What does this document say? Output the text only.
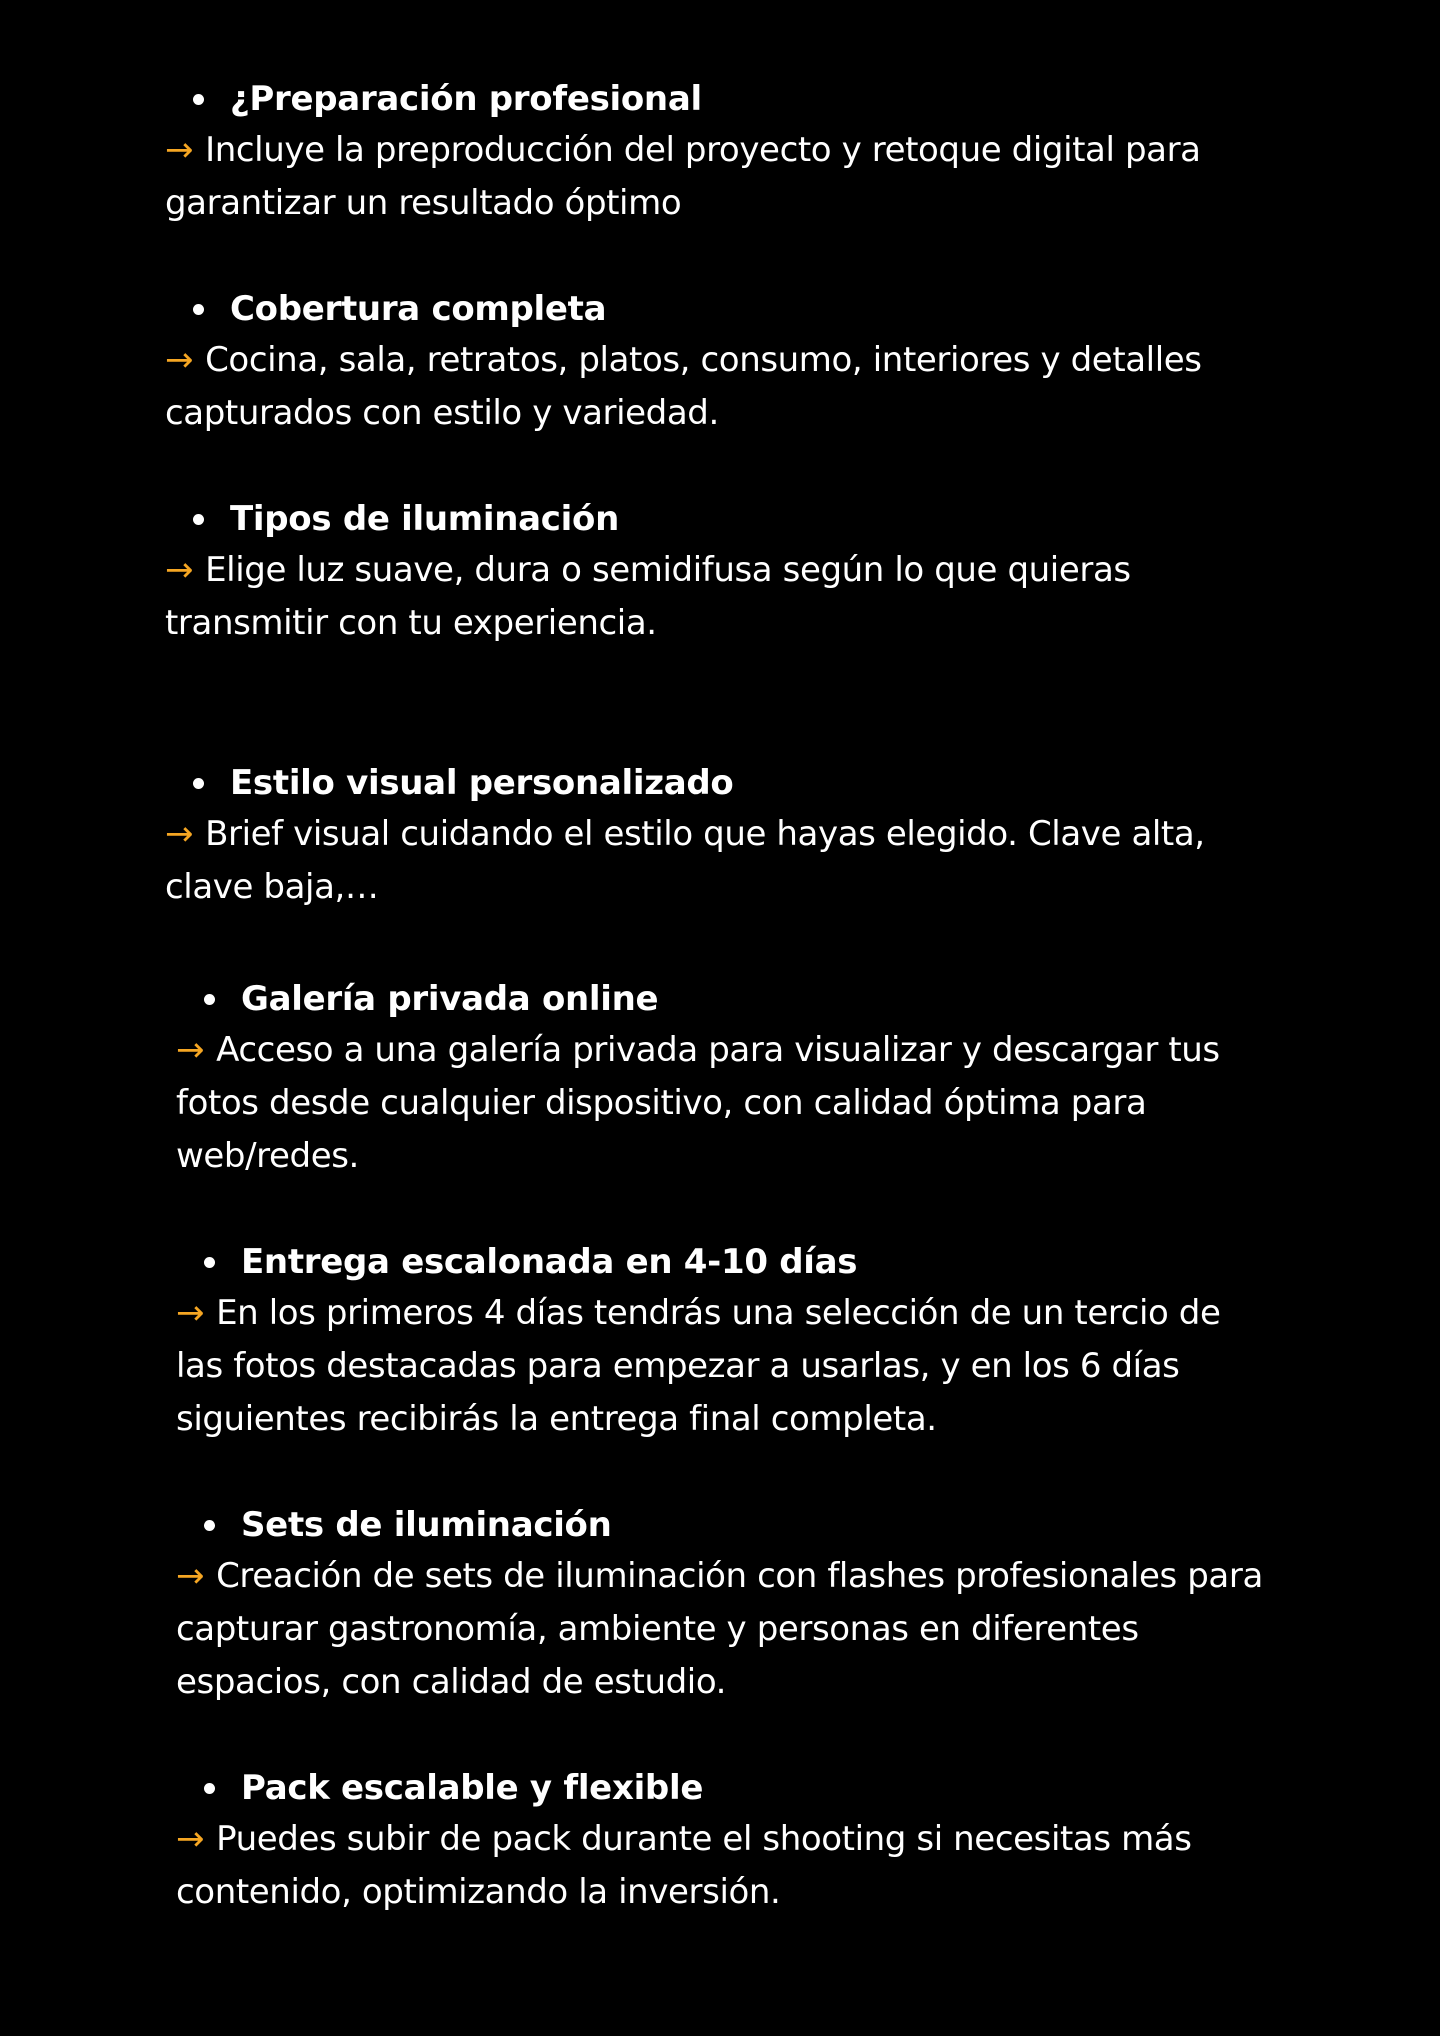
¿Preparación profesional
→ Incluye la preproducción del proyecto y retoque digital para garantizar un resultado óptimo
Cobertura completa
→ Cocina, sala, retratos, platos, consumo, interiores y detalles capturados con estilo y variedad.
Tipos de iluminación
→ Elige luz suave, dura o semidifusa según lo que quieras transmitir con tu experiencia.
Estilo visual personalizado
→ Brief visual cuidando el estilo que hayas elegido. Clave alta, clave baja,…
Galería privada online
→ Acceso a una galería privada para visualizar y descargar tus fotos desde cualquier dispositivo, con calidad óptima para web/redes.
Entrega escalonada en 4-10 días
→ En los primeros 4 días tendrás una selección de un tercio de las fotos destacadas para empezar a usarlas, y en los 6 días siguientes recibirás la entrega final completa.
Sets de iluminación
→ Creación de sets de iluminación con flashes profesionales para capturar gastronomía, ambiente y personas en diferentes espacios, con calidad de estudio.
Pack escalable y flexible
→ Puedes subir de pack durante el shooting si necesitas más contenido, optimizando la inversión.
